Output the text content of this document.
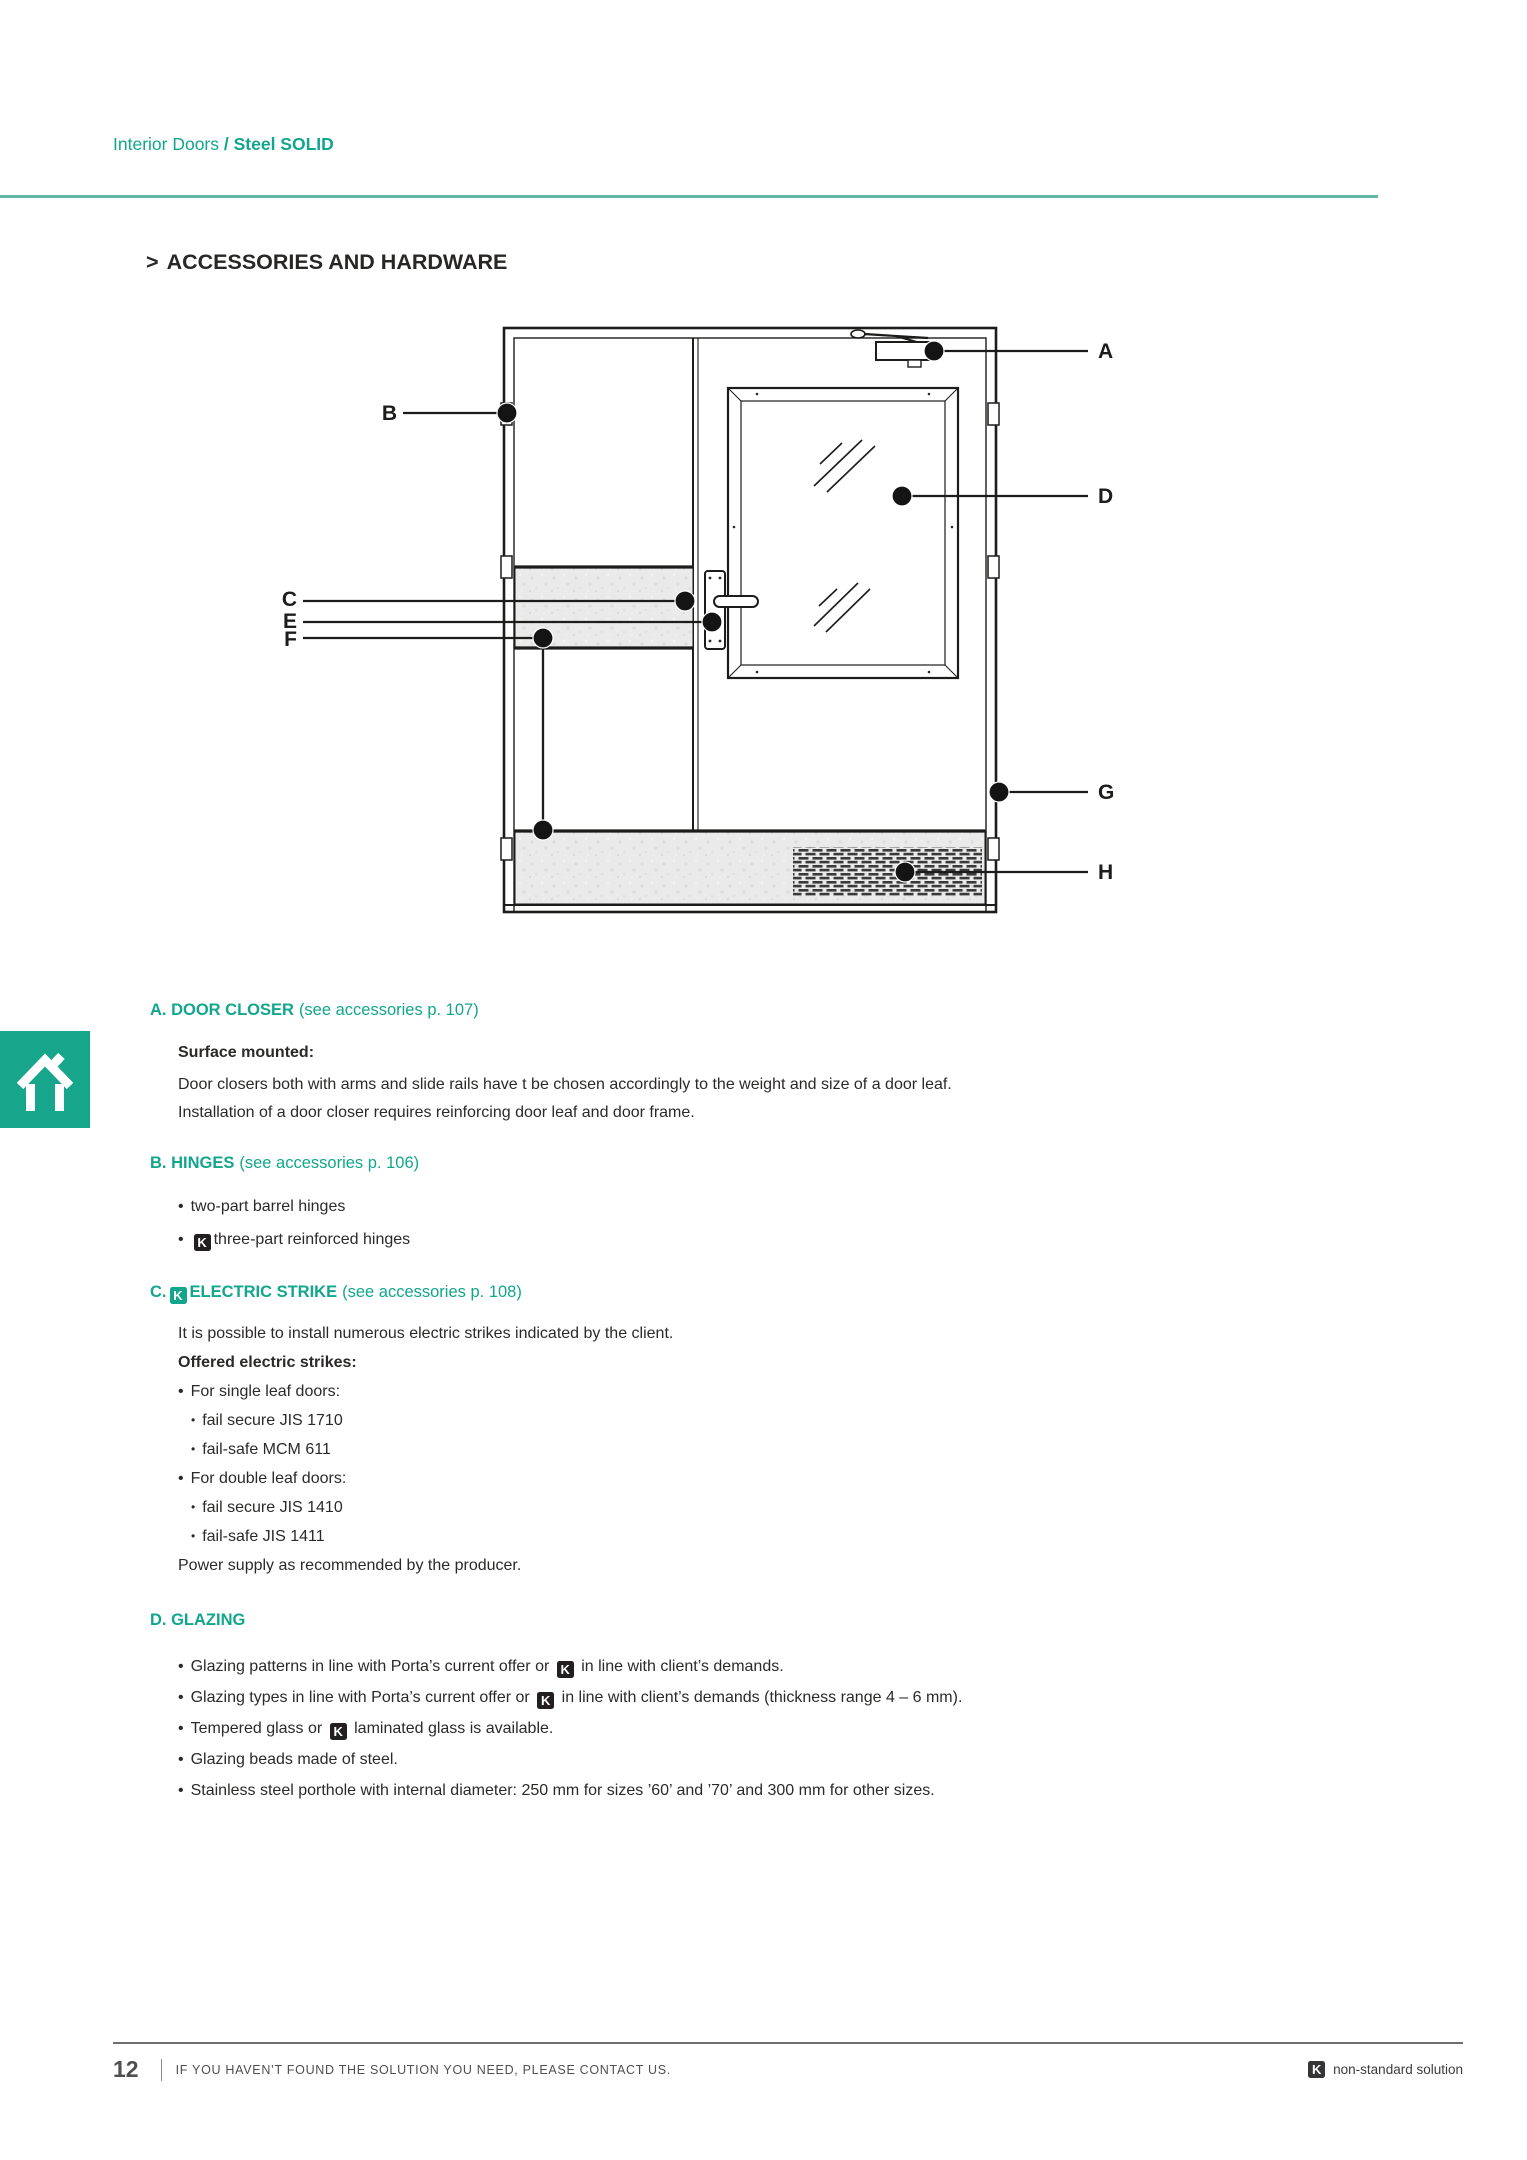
Interior Doors / Steel SOLID
> ACCESSORIES AND HARDWARE
A
B
C
D
E
F
G
H
A. DOOR CLOSER (see accessories p. 107)
Surface mounted:
Door closers both with arms and slide rails have t be chosen accordingly to the weight and size of a door leaf.
Installation of a door closer requires reinforcing door leaf and door frame.
B. HINGES (see accessories p. 106)
• two-part barrel hinges
• K three-part reinforced hinges
C. K ELECTRIC STRIKE (see accessories p. 108)
It is possible to install numerous electric strikes indicated by the client.
Offered electric strikes:
• For single leaf doors:
• fail secure JIS 1710
• fail-safe MCM 611
• For double leaf doors:
• fail secure JIS 1410
• fail-safe JIS 1411
Power supply as recommended by the producer.
D. GLAZING
• Glazing patterns in line with Porta’s current offer or K in line with client’s demands.
• Glazing types in line with Porta’s current offer or K in line with client’s demands (thickness range 4 – 6 mm).
• Tempered glass or K laminated glass is available.
• Glazing beads made of steel.
• Stainless steel porthole with internal diameter: 250 mm for sizes ’60’ and ’70’ and 300 mm for other sizes.
12	IF YOU HAVEN’T FOUND THE SOLUTION YOU NEED, PLEASE CONTACT US.	K non-standard solution
